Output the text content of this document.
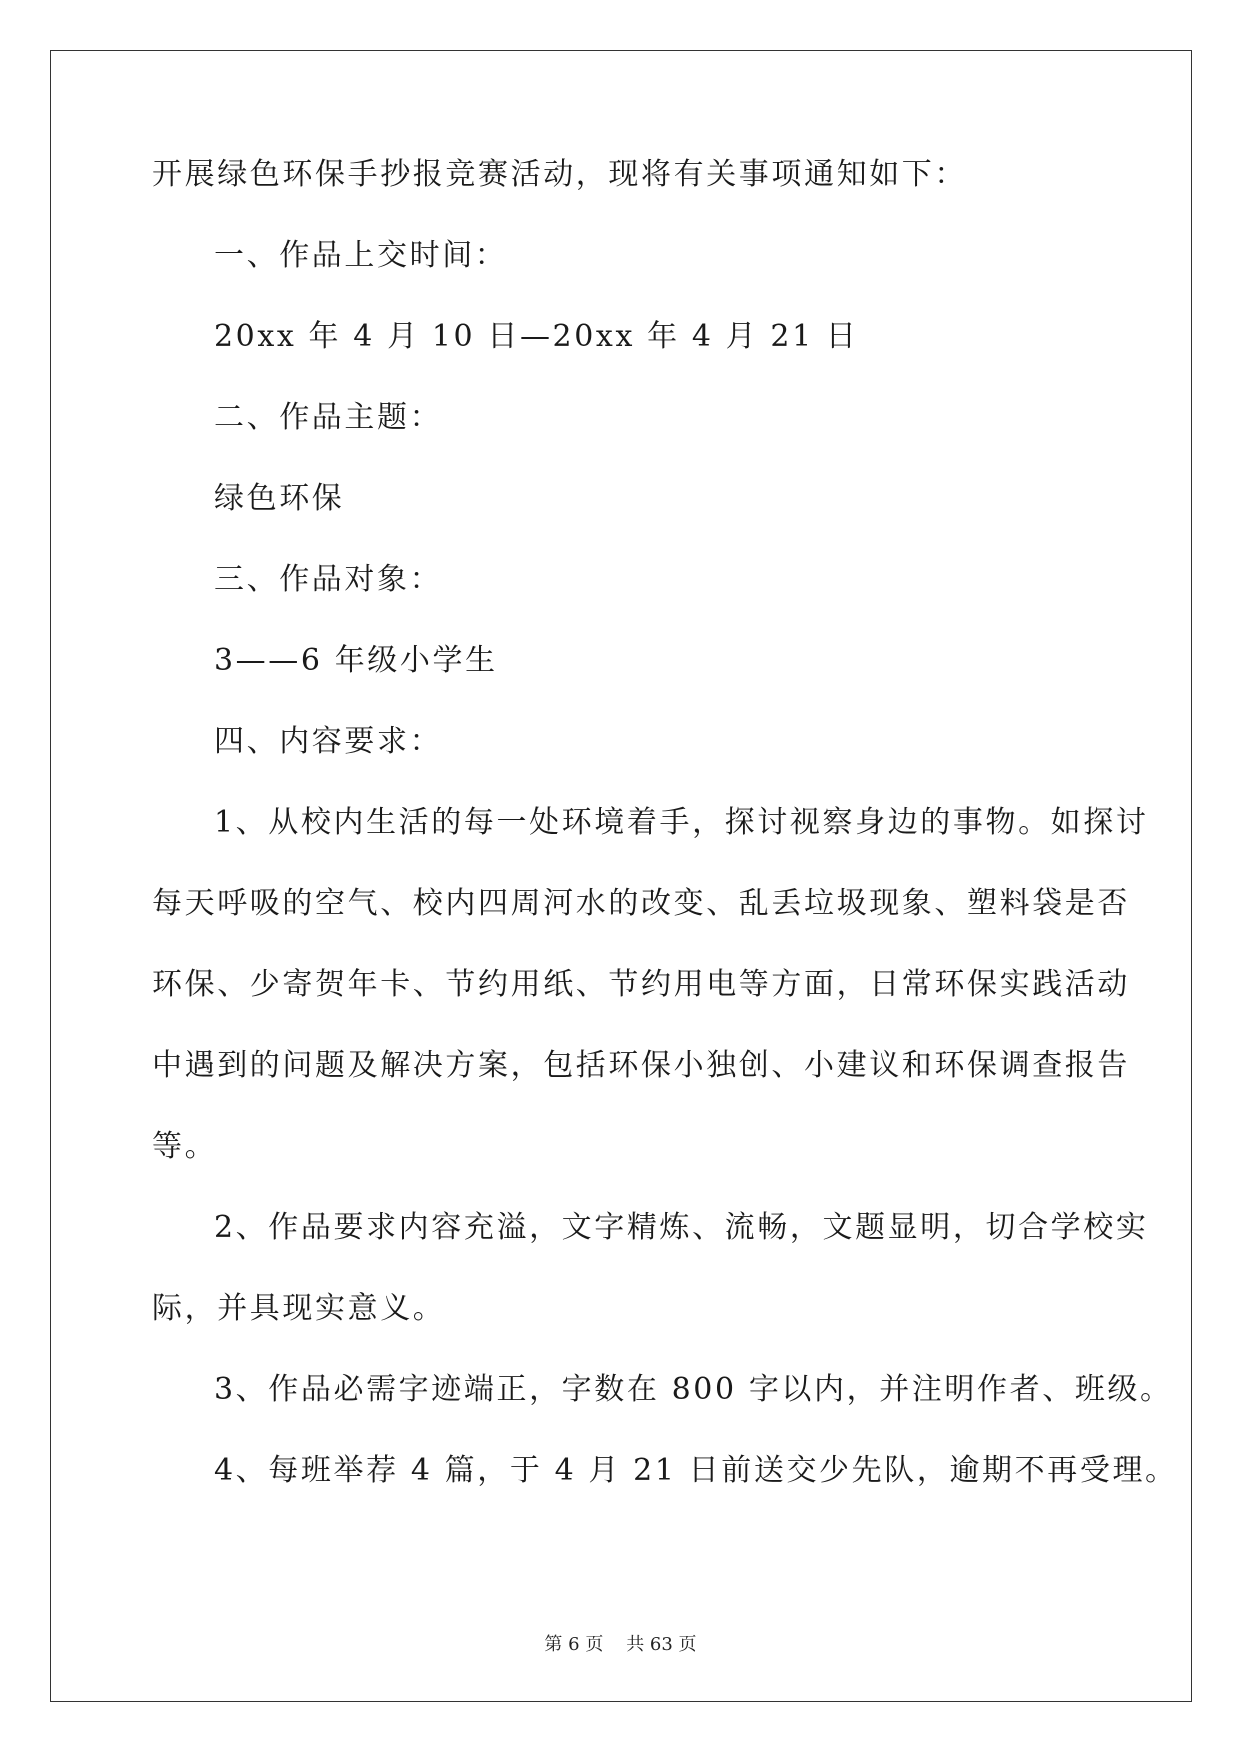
开展绿色环保手抄报竞赛活动，现将有关事项通知如下：
一、作品上交时间：
20xx 年 4 月 10 日—20xx 年 4 月 21 日
二、作品主题：
绿色环保
三、作品对象：
3——6 年级小学生
四、内容要求：
1、从校内生活的每一处环境着手，探讨视察身边的事物。如探讨
每天呼吸的空气、校内四周河水的改变、乱丢垃圾现象、塑料袋是否
环保、少寄贺年卡、节约用纸、节约用电等方面，日常环保实践活动
中遇到的问题及解决方案，包括环保小独创、小建议和环保调查报告
等。
2、作品要求内容充溢，文字精炼、流畅，文题显明，切合学校实
际，并具现实意义。
3、作品必需字迹端正，字数在 800 字以内，并注明作者、班级。
4、每班举荐 4 篇，于 4 月 21 日前送交少先队，逾期不再受理。
第 6 页    共 63 页
